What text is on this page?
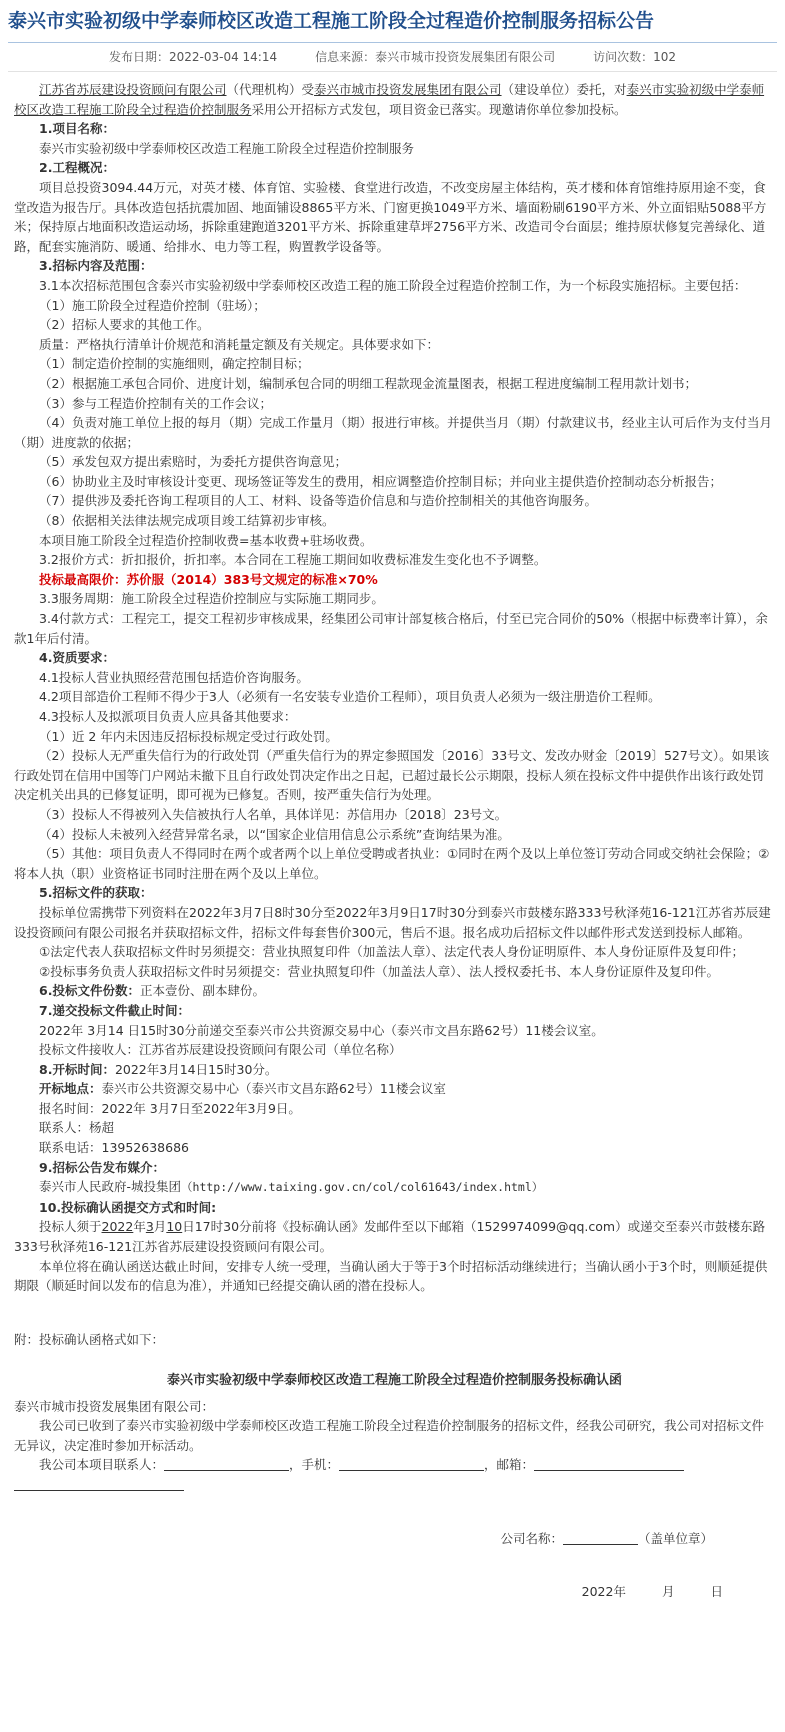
泰兴市实验初级中学泰师校区改造工程施工阶段全过程造价控制服务招标公告
发布日期：2022-03-04 14:14	信息来源：泰兴市城市投资发展集团有限公司	访问次数：102

江苏省苏辰建设投资顾问有限公司（代理机构）受泰兴市城市投资发展集团有限公司（建设单位）委托，对泰兴市实验初级中学泰师校区改造工程施工阶段全过程造价控制服务采用公开招标方式发包，项目资金已落实。现邀请你单位参加投标。

1.项目名称：

泰兴市实验初级中学泰师校区改造工程施工阶段全过程造价控制服务

2.工程概况：

项目总投资3094.44万元，对英才楼、体育馆、实验楼、食堂进行改造，不改变房屋主体结构，英才楼和体育馆维持原用途不变，食堂改造为报告厅。具体改造包括抗震加固、地面铺设8865平方米、门窗更换1049平方米、墙面粉刷6190平方米、外立面铝贴5088平方米；保持原占地面积改造运动场，拆除重建跑道3201平方米、拆除重建草坪2756平方米、改造司令台面层；维持原状修复完善绿化、道路，配套实施消防、暖通、给排水、电力等工程，购置教学设备等。

3.招标内容及范围：

3.1本次招标范围包含泰兴市实验初级中学泰师校区改造工程的施工阶段全过程造价控制工作，为一个标段实施招标。主要包括：

（1）施工阶段全过程造价控制（驻场）；

（2）招标人要求的其他工作。

质量：严格执行清单计价规范和消耗量定额及有关规定。具体要求如下：

（1）制定造价控制的实施细则，确定控制目标；

（2）根据施工承包合同价、进度计划，编制承包合同的明细工程款现金流量图表，根据工程进度编制工程用款计划书；

（3）参与工程造价控制有关的工作会议；

（4）负责对施工单位上报的每月（期）完成工作量月（期）报进行审核。并提供当月（期）付款建议书，经业主认可后作为支付当月（期）进度款的依据；

（5）承发包双方提出索赔时，为委托方提供咨询意见；

（6）协助业主及时审核设计变更、现场签证等发生的费用，相应调整造价控制目标；并向业主提供造价控制动态分析报告；

（7）提供涉及委托咨询工程项目的人工、材料、设备等造价信息和与造价控制相关的其他咨询服务。

（8）依据相关法律法规完成项目竣工结算初步审核。

本项目施工阶段全过程造价控制收费=基本收费+驻场收费。

3.2报价方式：折扣报价，折扣率。本合同在工程施工期间如收费标准发生变化也不予调整。

投标最高限价：苏价服（2014）383号文规定的标准×70%

3.3服务周期：施工阶段全过程造价控制应与实际施工期同步。

3.4付款方式：工程完工，提交工程初步审核成果，经集团公司审计部复核合格后，付至已完合同价的50%（根据中标费率计算），余款1年后付清。

4.资质要求：

4.1投标人营业执照经营范围包括造价咨询服务。

4.2项目部造价工程师不得少于3人（必须有一名安装专业造价工程师），项目负责人必须为一级注册造价工程师。

4.3投标人及拟派项目负责人应具备其他要求：

（1）近 2 年内未因违反招标投标规定受过行政处罚。

（2）投标人无严重失信行为的行政处罚（严重失信行为的界定参照国发〔2016〕33号文、发改办财金〔2019〕527号文）。如果该行政处罚在信用中国等门户网站未撤下且自行政处罚决定作出之日起，已超过最长公示期限，投标人须在投标文件中提供作出该行政处罚决定机关出具的已修复证明，即可视为已修复。否则，按严重失信行为处理。

（3）投标人不得被列入失信被执行人名单，具体详见：苏信用办〔2018〕23号文。

（4）投标人未被列入经营异常名录，以“国家企业信用信息公示系统”查询结果为准。

（5）其他：项目负责人不得同时在两个或者两个以上单位受聘或者执业：①同时在两个及以上单位签订劳动合同或交纳社会保险；②将本人执（职）业资格证书同时注册在两个及以上单位。

5.招标文件的获取：

投标单位需携带下列资料在2022年3月7日8时30分至2022年3月9日17时30分到泰兴市鼓楼东路333号秋泽苑16-121江苏省苏辰建设投资顾问有限公司报名并获取招标文件，招标文件每套售价300元，售后不退。报名成功后招标文件以邮件形式发送到投标人邮箱。

①法定代表人获取招标文件时另须提交：营业执照复印件（加盖法人章）、法定代表人身份证明原件、本人身份证原件及复印件；

②投标事务负责人获取招标文件时另须提交：营业执照复印件（加盖法人章）、法人授权委托书、本人身份证原件及复印件。

6.投标文件份数：正本壹份、副本肆份。

7.递交投标文件截止时间：

2022年 3月14 日15时30分前递交至泰兴市公共资源交易中心（泰兴市文昌东路62号）11楼会议室。

投标文件接收人：江苏省苏辰建设投资顾问有限公司（单位名称）

8.开标时间：2022年3月14日15时30分。

开标地点：泰兴市公共资源交易中心（泰兴市文昌东路62号）11楼会议室

报名时间：2022年 3月7日至2022年3月9日。

联系人：杨超

联系电话：13952638686

9.招标公告发布媒介：

泰兴市人民政府-城投集团（http://www.taixing.gov.cn/col/col61643/index.html）

10.投标确认函提交方式和时间:

投标人须于2022年3月10日17时30分前将《投标确认函》发邮件至以下邮箱（1529974099@qq.com）或递交至泰兴市鼓楼东路333号秋泽苑16-121江苏省苏辰建设投资顾问有限公司。

本单位将在确认函送达截止时间，安排专人统一受理，当确认函大于等于3个时招标活动继续进行；当确认函小于3个时，则顺延提供期限（顺延时间以发布的信息为准），并通知已经提交确认函的潜在投标人。

附：投标确认函格式如下：

泰兴市实验初级中学泰师校区改造工程施工阶段全过程造价控制服务投标确认函

泰兴市城市投资发展集团有限公司：

我公司已收到了泰兴市实验初级中学泰师校区改造工程施工阶段全过程造价控制服务的招标文件，经我公司研究，我公司对招标文件无异议，决定准时参加开标活动。

我公司本项目联系人：	，手机：	，邮箱：

公司名称：	（盖单位章）

2022年	月	日
